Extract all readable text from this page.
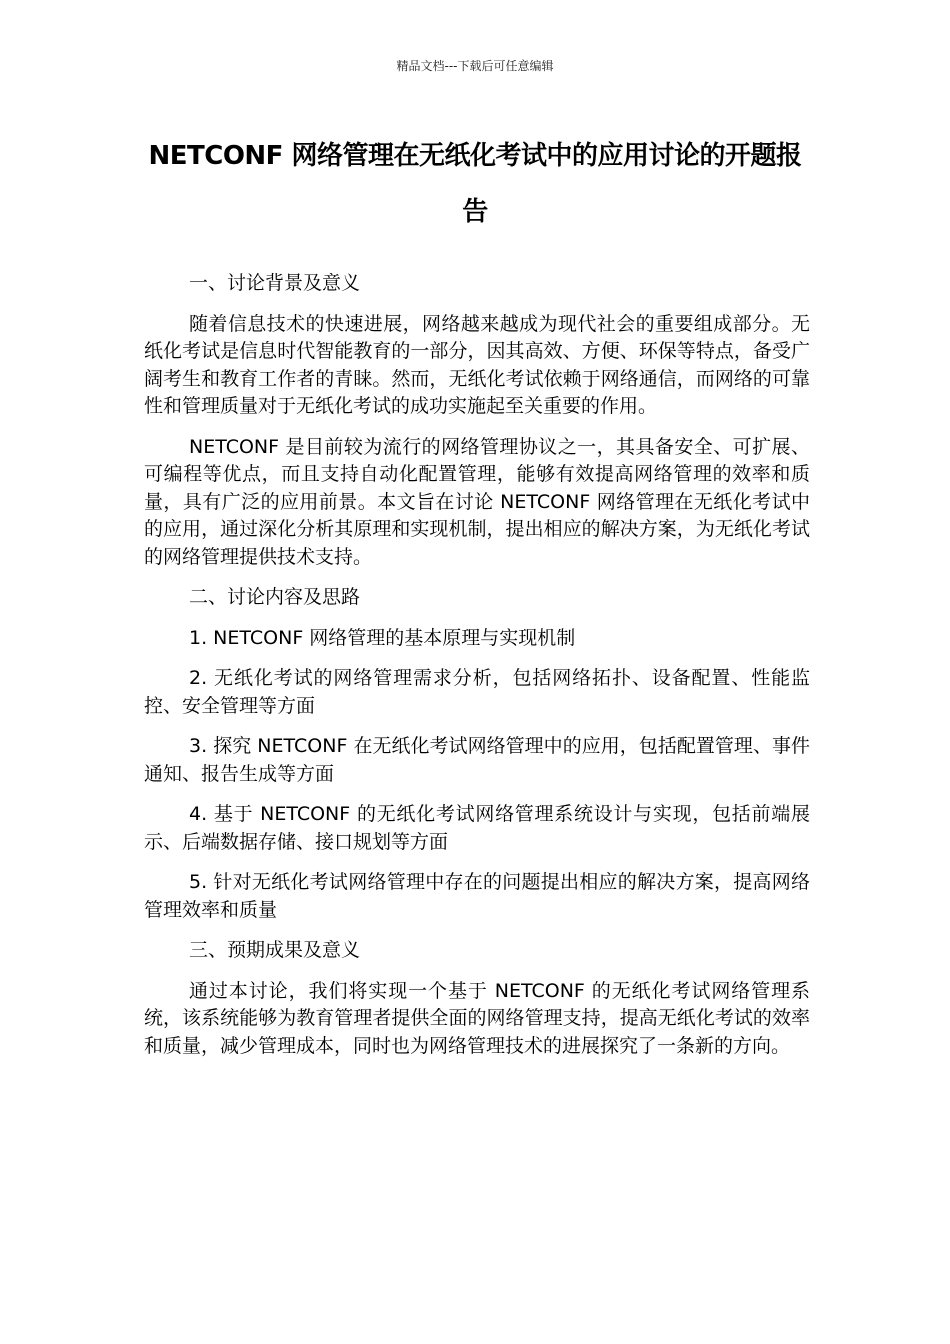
精品文档---下载后可任意编辑
NETCONF 网络管理在无纸化考试中的应用讨论的开题报告

一、讨论背景及意义

随着信息技术的快速进展，网络越来越成为现代社会的重要组成部分。无纸化考试是信息时代智能教育的一部分，因其高效、方便、环保等特点，备受广阔考生和教育工作者的青睐。然而，无纸化考试依赖于网络通信，而网络的可靠性和管理质量对于无纸化考试的成功实施起至关重要的作用。

NETCONF 是目前较为流行的网络管理协议之一，其具备安全、可扩展、可编程等优点，而且支持自动化配置管理，能够有效提高网络管理的效率和质量，具有广泛的应用前景。本文旨在讨论 NETCONF 网络管理在无纸化考试中的应用，通过深化分析其原理和实现机制，提出相应的解决方案，为无纸化考试的网络管理提供技术支持。

二、讨论内容及思路

1. NETCONF 网络管理的基本原理与实现机制

2. 无纸化考试的网络管理需求分析，包括网络拓扑、设备配置、性能监控、安全管理等方面

3. 探究 NETCONF 在无纸化考试网络管理中的应用，包括配置管理、事件通知、报告生成等方面

4. 基于 NETCONF 的无纸化考试网络管理系统设计与实现，包括前端展示、后端数据存储、接口规划等方面

5. 针对无纸化考试网络管理中存在的问题提出相应的解决方案，提高网络管理效率和质量

三、预期成果及意义

通过本讨论，我们将实现一个基于 NETCONF 的无纸化考试网络管理系统，该系统能够为教育管理者提供全面的网络管理支持，提高无纸化考试的效率和质量，减少管理成本，同时也为网络管理技术的进展探究了一条新的方向。
